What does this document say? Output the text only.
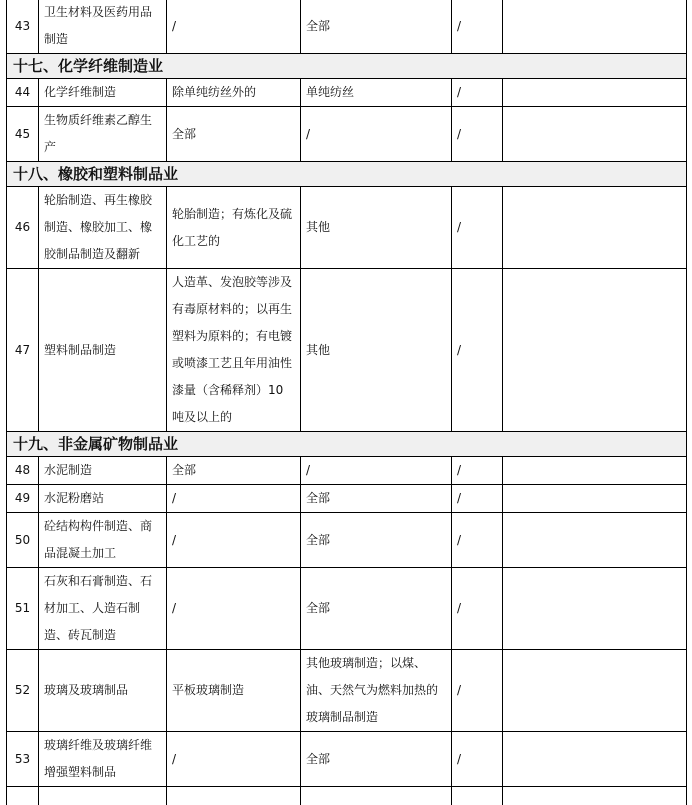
43	卫生材料及医药用品制造	/	全部	/	
十七、化学纤维制造业					
44	化学纤维制造	除单纯纺丝外的	单纯纺丝	/	
45	生物质纤维素乙醇生产	全部	/	/	
十八、橡胶和塑料制品业					
46	轮胎制造、再生橡胶制造、橡胶加工、橡胶制品制造及翻新	轮胎制造；有炼化及硫化工艺的	其他	/	
47	塑料制品制造	人造革、发泡胶等涉及有毒原材料的；以再生塑料为原料的；有电镀或喷漆工艺且年用油性漆量（含稀释剂）10吨及以上的	其他	/	
十九、非金属矿物制品业					
48	水泥制造	全部	/	/	
49	水泥粉磨站	/	全部	/	
50	砼结构构件制造、商品混凝土加工	/	全部	/	
51	石灰和石膏制造、石材加工、人造石制造、砖瓦制造	/	全部	/	
52	玻璃及玻璃制品	平板玻璃制造	其他玻璃制造；以煤、油、天然气为燃料加热的玻璃制品制造	/	
53	玻璃纤维及玻璃纤维增强塑料制品	/	全部	/	
